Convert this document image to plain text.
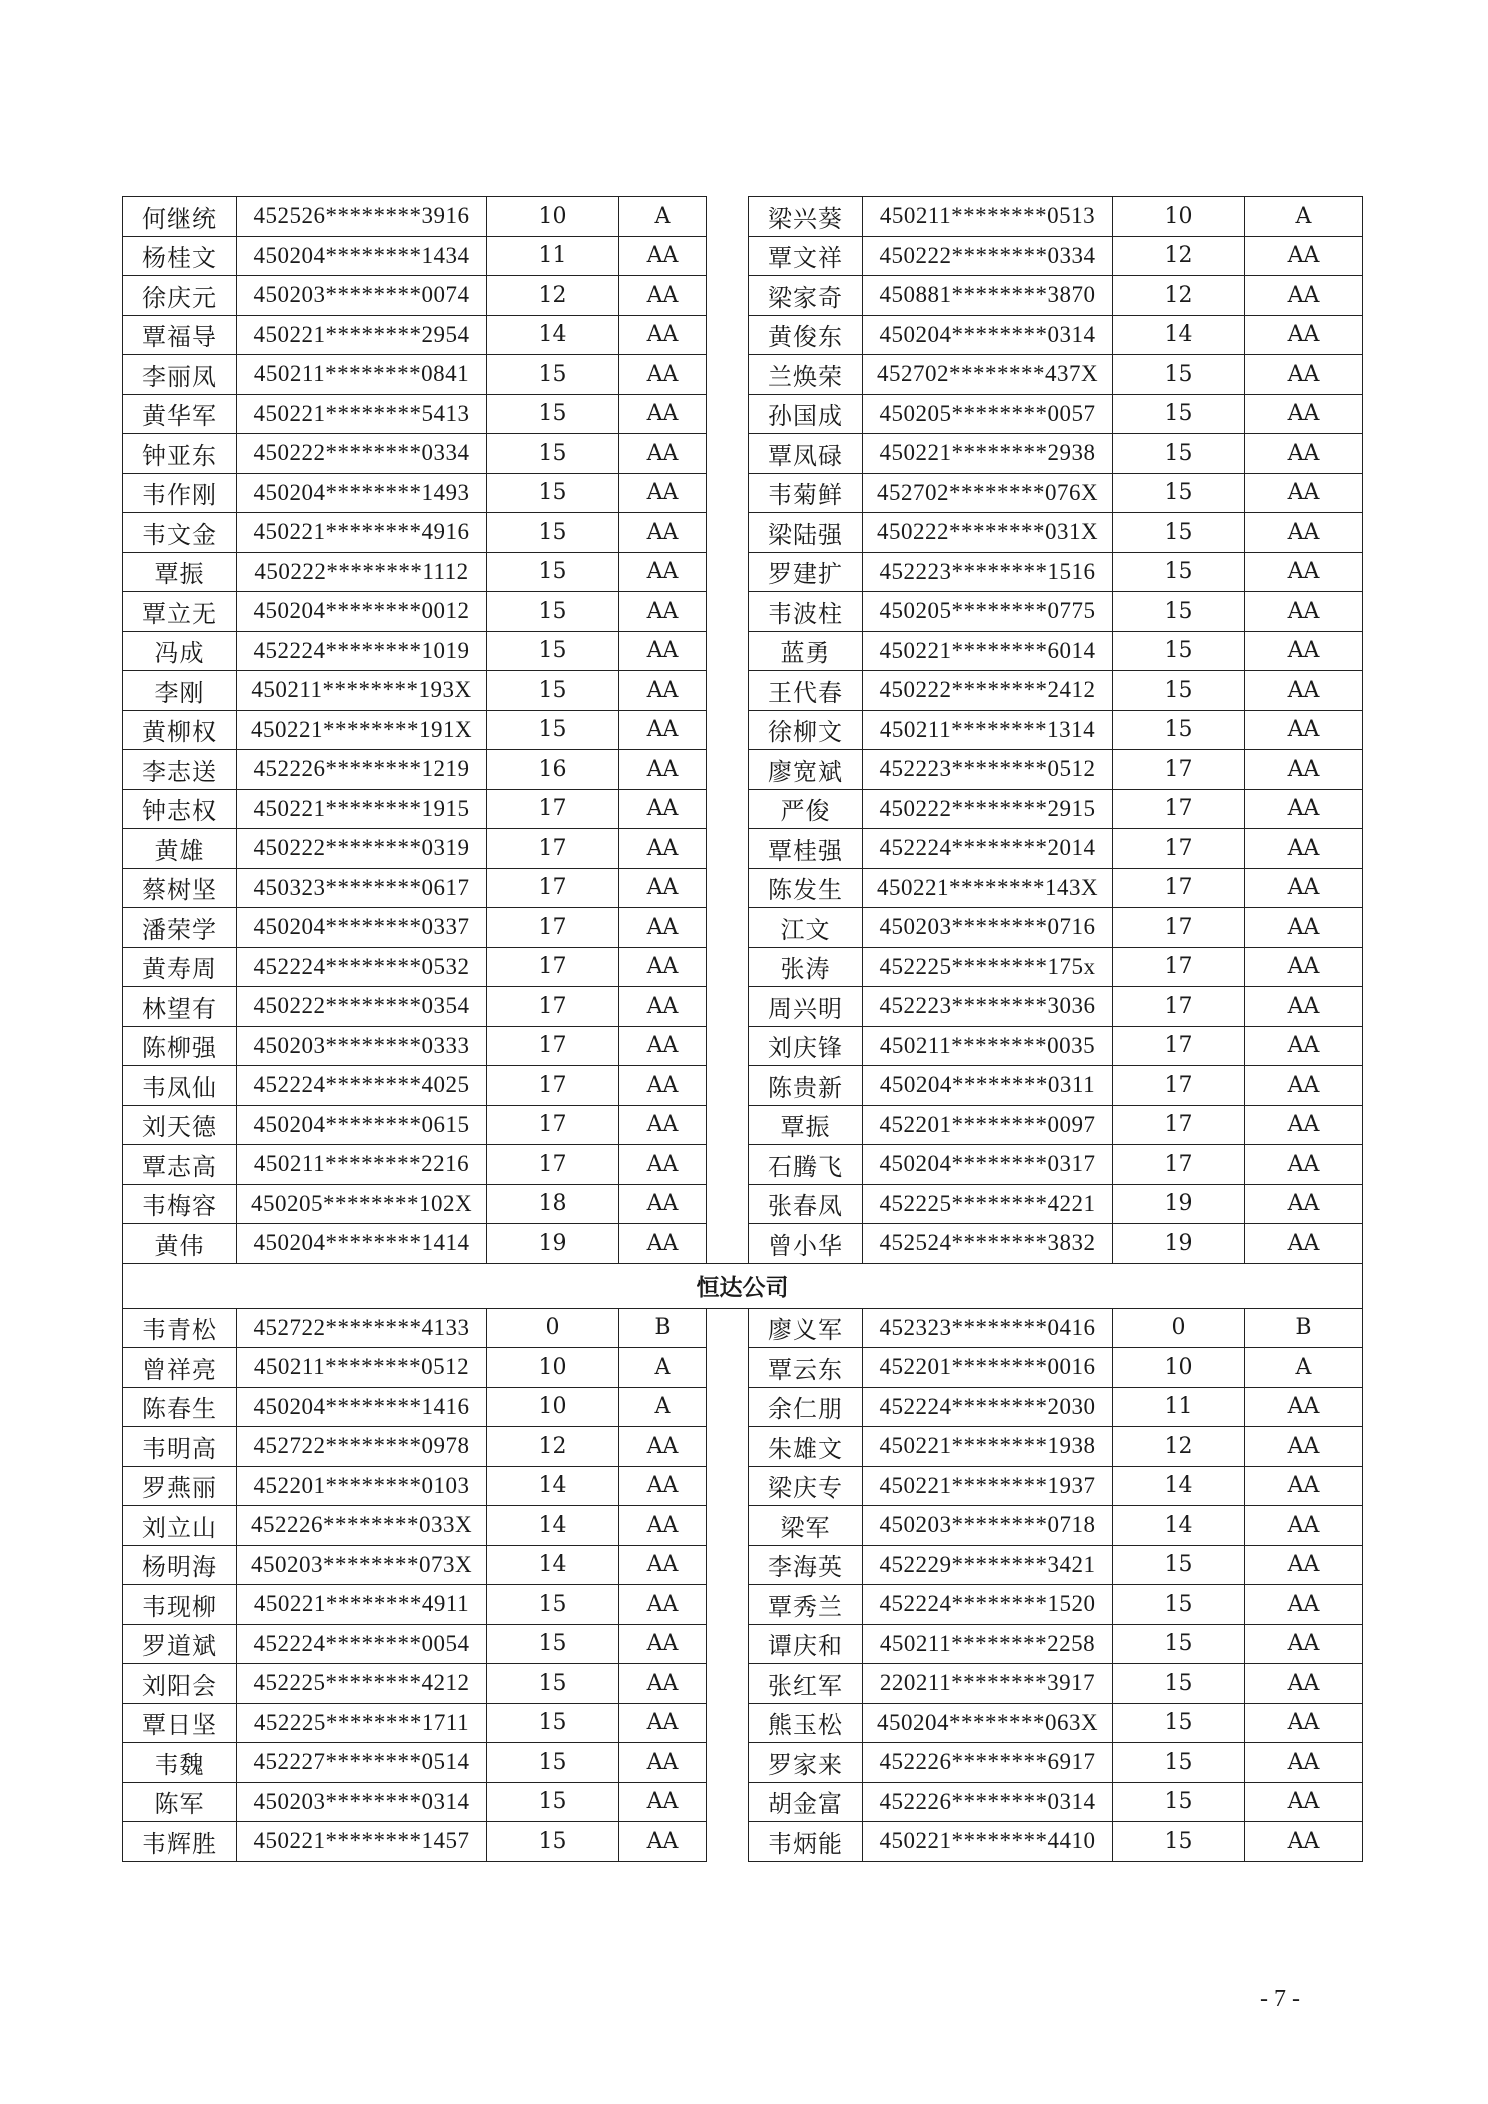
何继统	452526********3916	10	A		梁兴葵	450211********0513	10	A
杨桂文	450204********1434	11	AA		覃文祥	450222********0334	12	AA
徐庆元	450203********0074	12	AA		梁家奇	450881********3870	12	AA
覃福导	450221********2954	14	AA		黄俊东	450204********0314	14	AA
李丽凤	450211********0841	15	AA		兰焕荣	452702********437X	15	AA
黄华军	450221********5413	15	AA		孙国成	450205********0057	15	AA
钟亚东	450222********0334	15	AA		覃凤碌	450221********2938	15	AA
韦作刚	450204********1493	15	AA		韦菊鲜	452702********076X	15	AA
韦文金	450221********4916	15	AA		梁陆强	450222********031X	15	AA
覃振	450222********1112	15	AA		罗建扩	452223********1516	15	AA
覃立无	450204********0012	15	AA		韦波柱	450205********0775	15	AA
冯成	452224********1019	15	AA		蓝勇	450221********6014	15	AA
李刚	450211********193X	15	AA		王代春	450222********2412	15	AA
黄柳权	450221********191X	15	AA		徐柳文	450211********1314	15	AA
李志送	452226********1219	16	AA		廖宽斌	452223********0512	17	AA
钟志权	450221********1915	17	AA		严俊	450222********2915	17	AA
黄雄	450222********0319	17	AA		覃桂强	452224********2014	17	AA
蔡树坚	450323********0617	17	AA		陈发生	450221********143X	17	AA
潘荣学	450204********0337	17	AA		江文	450203********0716	17	AA
黄寿周	452224********0532	17	AA		张涛	452225********175x	17	AA
林望有	450222********0354	17	AA		周兴明	452223********3036	17	AA
陈柳强	450203********0333	17	AA		刘庆锋	450211********0035	17	AA
韦凤仙	452224********4025	17	AA		陈贵新	450204********0311	17	AA
刘天德	450204********0615	17	AA		覃振	452201********0097	17	AA
覃志高	450211********2216	17	AA		石腾飞	450204********0317	17	AA
韦梅容	450205********102X	18	AA		张春凤	452225********4221	19	AA
黄伟	450204********1414	19	AA		曾小华	452524********3832	19	AA
恒达公司								
韦青松	452722********4133	0	B		廖义军	452323********0416	0	B
曾祥亮	450211********0512	10	A		覃云东	452201********0016	10	A
陈春生	450204********1416	10	A		余仁朋	452224********2030	11	AA
韦明高	452722********0978	12	AA		朱雄文	450221********1938	12	AA
罗燕丽	452201********0103	14	AA		梁庆专	450221********1937	14	AA
刘立山	452226********033X	14	AA		梁军	450203********0718	14	AA
杨明海	450203********073X	14	AA		李海英	452229********3421	15	AA
韦现柳	450221********4911	15	AA		覃秀兰	452224********1520	15	AA
罗道斌	452224********0054	15	AA		谭庆和	450211********2258	15	AA
刘阳会	452225********4212	15	AA		张红军	220211********3917	15	AA
覃日坚	452225********1711	15	AA		熊玉松	450204********063X	15	AA
韦魏	452227********0514	15	AA		罗家来	452226********6917	15	AA
陈军	450203********0314	15	AA		胡金富	452226********0314	15	AA
韦辉胜	450221********1457	15	AA		韦炳能	450221********4410	15	AA
- 7 -
